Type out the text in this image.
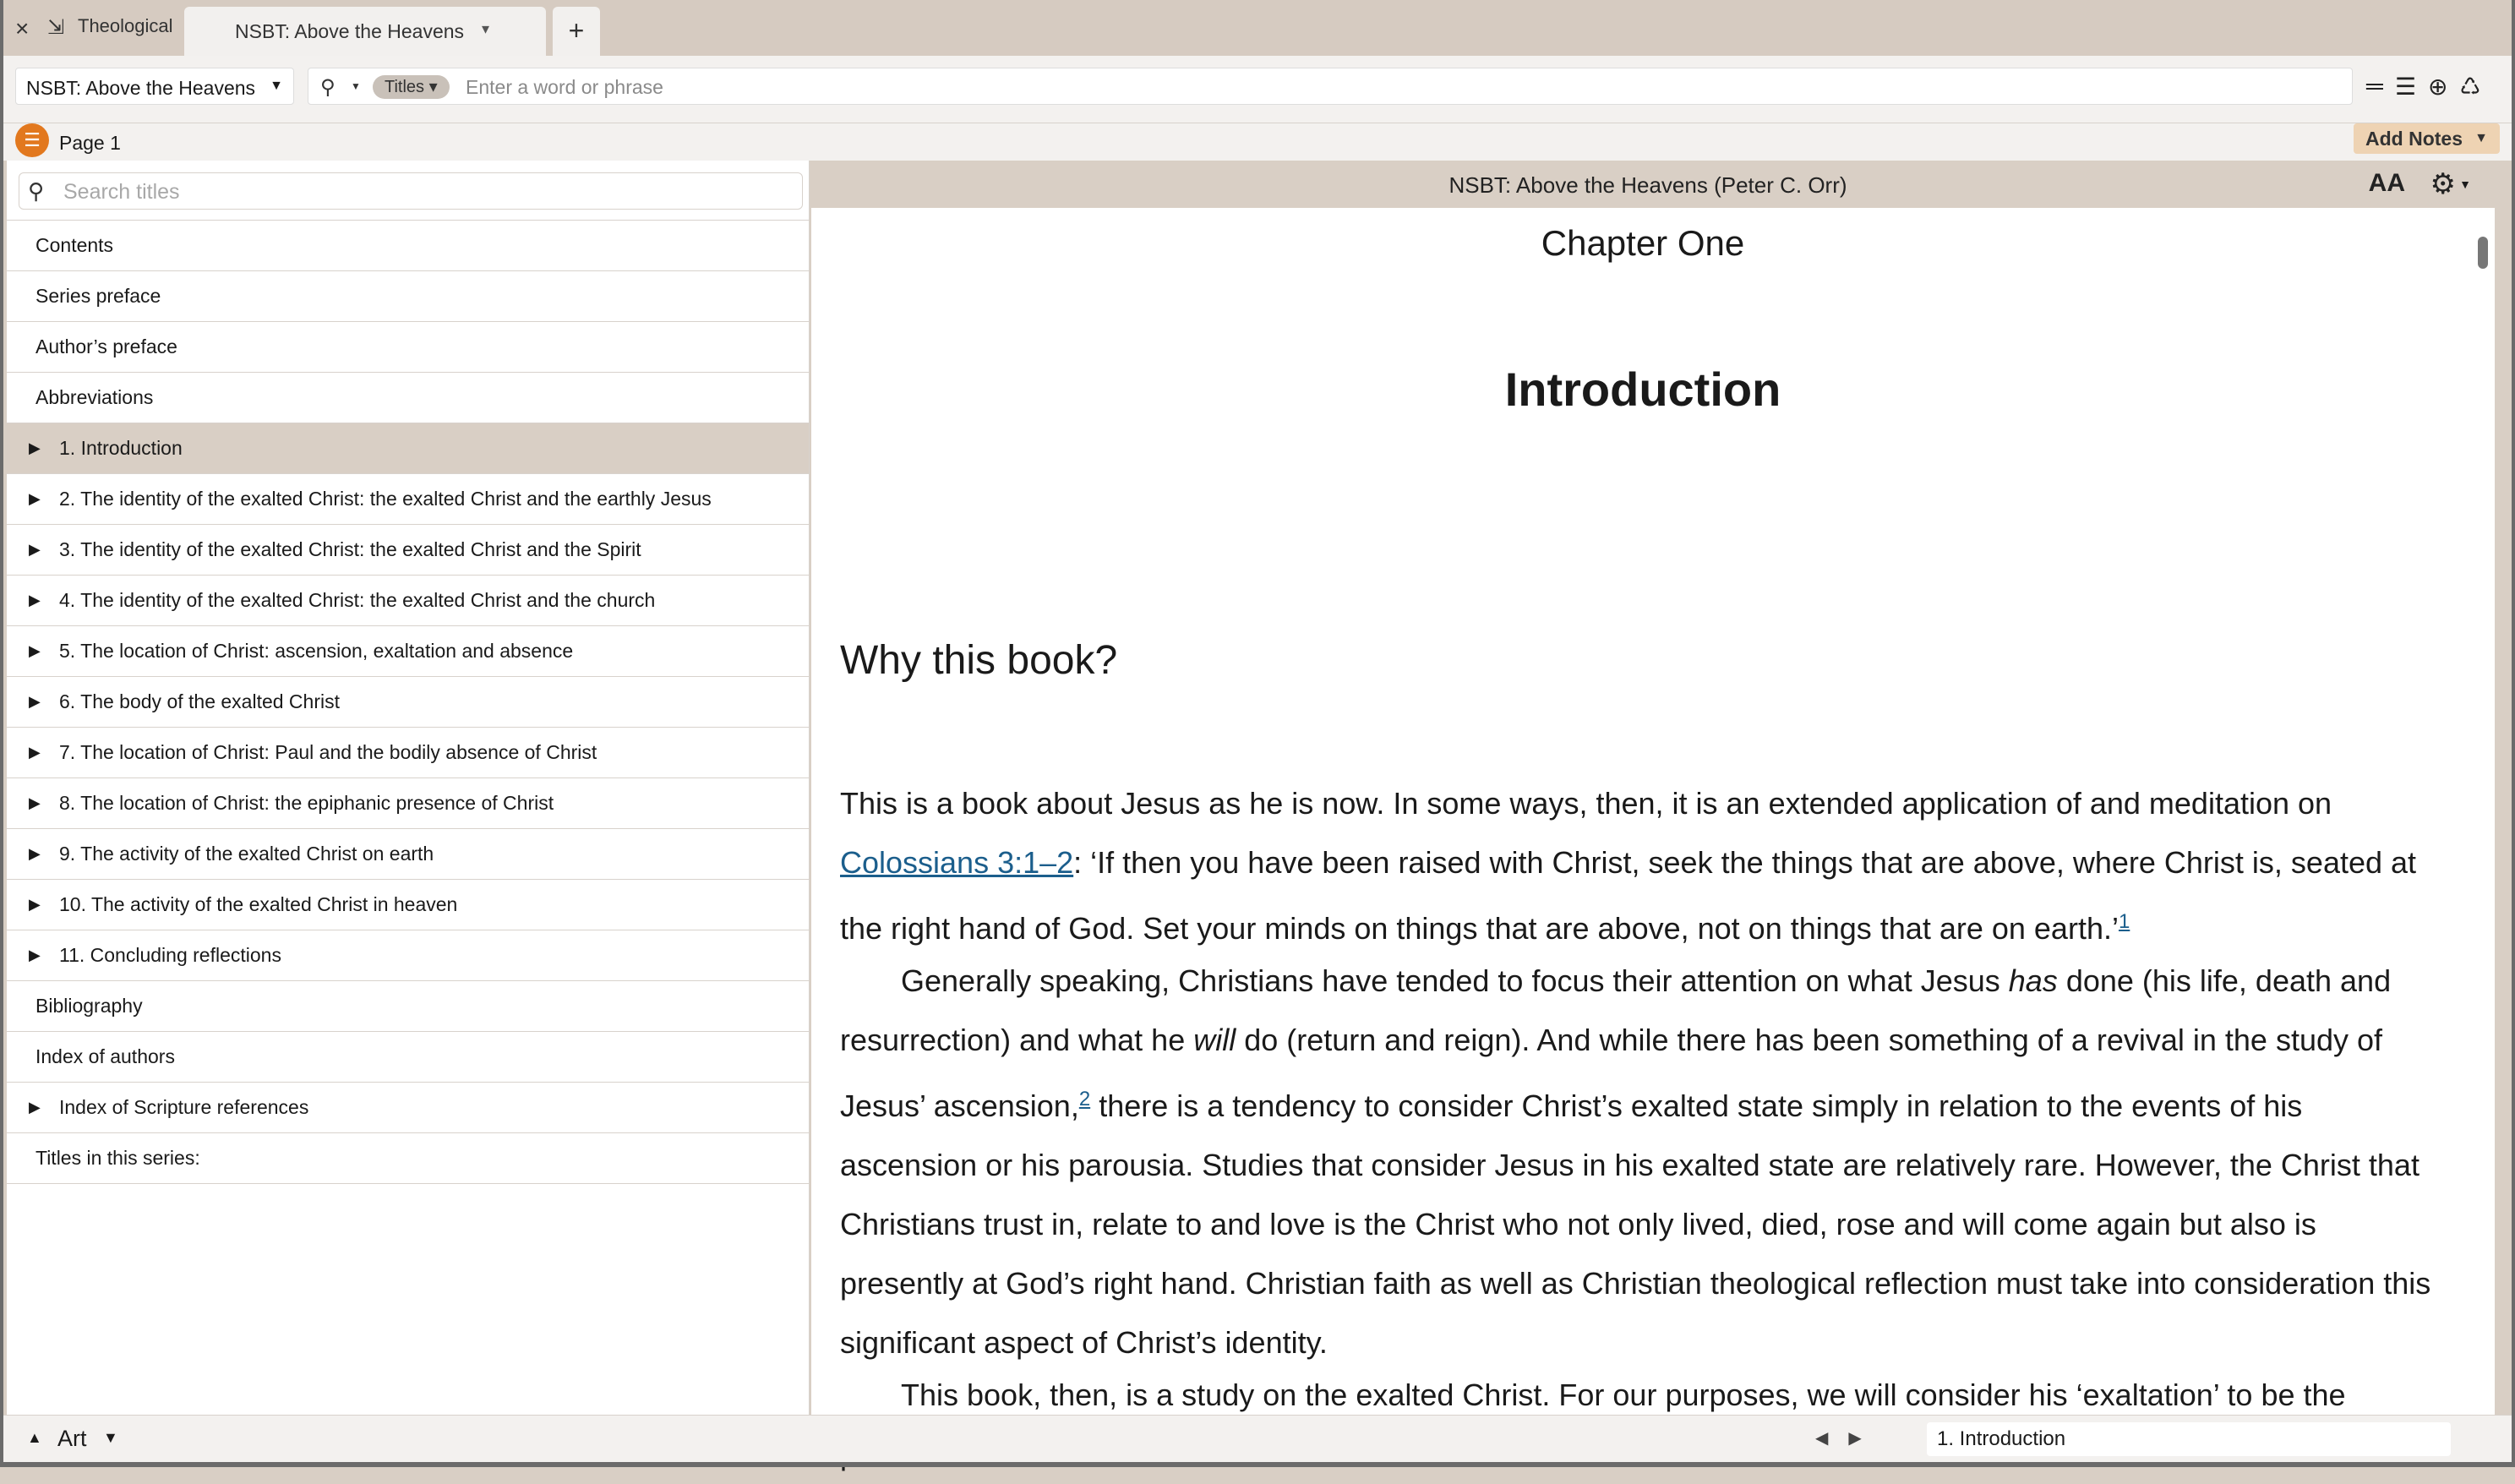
× ⇲ Theological	NSBT: Above the Heavens ▾	+
NSBT: Above the Heavens ▼ ⚲ ▼	Titles ▾
Enter a word or phrase	═ ☰ ⊕ ♺
☰ Page 1	Add Notes ▼
⚲
Search titles
Contents
Series preface
Author’s preface
Abbreviations
▶ 1. Introduction
▶ 2. The identity of the exalted Christ: the exalted Christ and the earthly Jesus
▶ 3. The identity of the exalted Christ: the exalted Christ and the Spirit
▶ 4. The identity of the exalted Christ: the exalted Christ and the church
▶ 5. The location of Christ: ascension, exaltation and absence
▶ 6. The body of the exalted Christ
▶ 7. The location of Christ: Paul and the bodily absence of Christ
▶ 8. The location of Christ: the epiphanic presence of Christ
▶ 9. The activity of the exalted Christ on earth
▶ 10. The activity of the exalted Christ in heaven
▶ 11. Concluding reflections
Bibliography
Index of authors
▶ Index of Scripture references
Titles in this series:
NSBT: Above the Heavens (Peter C. Orr)	AA ⚙ ▼
Chapter One
Introduction
Why this book?
This is a book about Jesus as he is now. In some ways, then, it is an extended application of and meditation on Colossians 3:1–2: ‘If then you have been raised with Christ, seek the things that are above, where Christ is, seated at the right hand of God. Set your minds on things that are above, not on things that are on earth.’$^1$
Generally speaking, Christians have tended to focus their attention on what Jesus has done (his life, death and resurrection) and what he will do (return and reign). And while there has been something of a revival in the study of Jesus’ ascension,$^2$ there is a tendency to consider Christ’s exalted state simply in relation to the events of his ascension or his parousia. Studies that consider Jesus in his exalted state are relatively rare. However, the Christ that Christians trust in, relate to and love is the Christ who not only lived, died, rose and will come again but also is presently at God’s right hand. Christian faith as well as Christian theological reflection must take into consideration this significant aspect of Christ’s identity.
This book, then, is a study on the exalted Christ. For our purposes, we will consider his ‘exaltation’ to be the
▲ Art ▼	◀ ▶	1. Introduction
